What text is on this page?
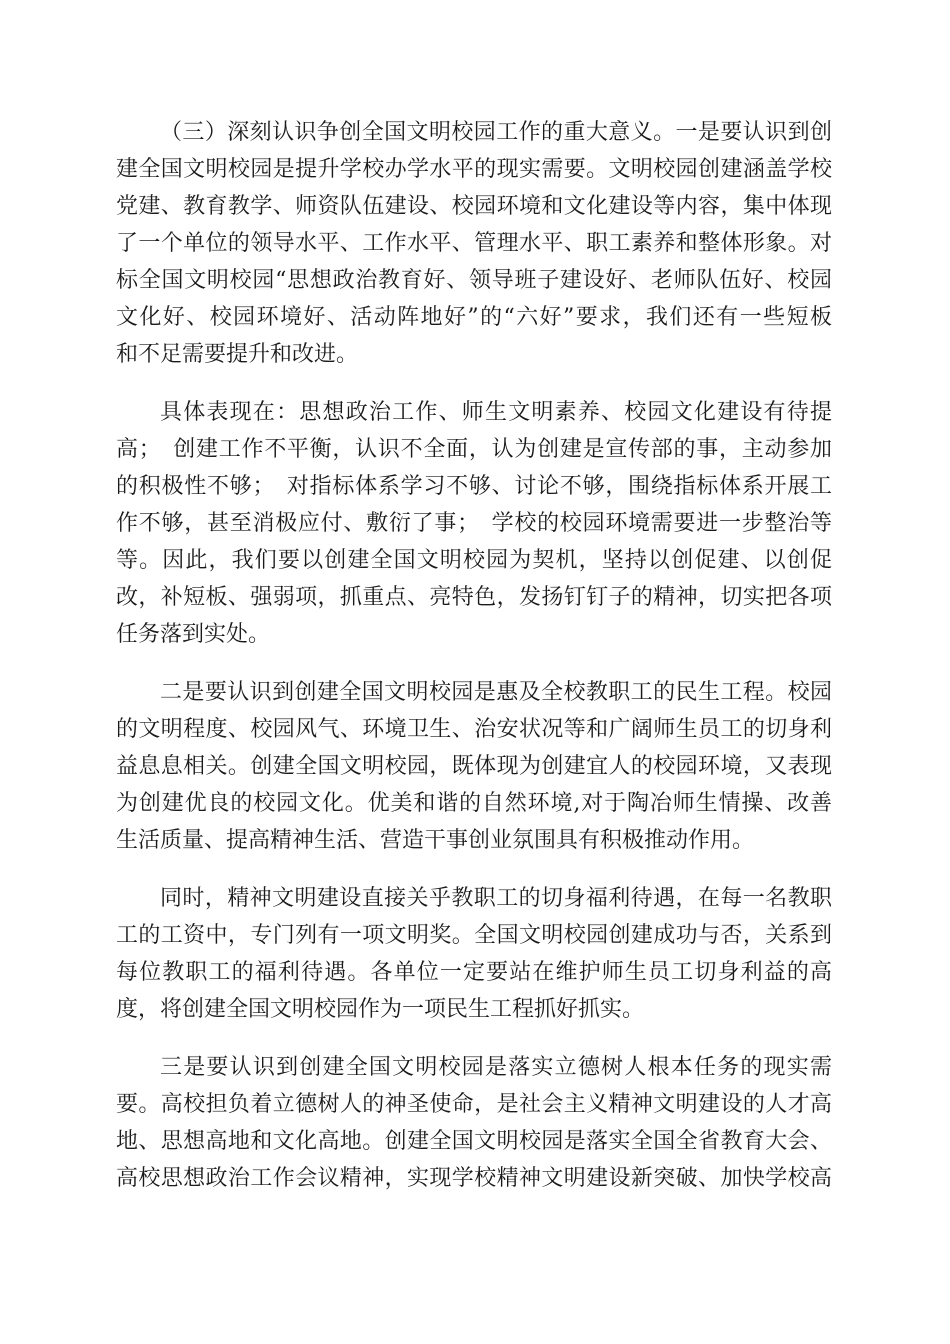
（三）深刻认识争创全国文明校园工作的重大意义。一是要认识到创
建全国文明校园是提升学校办学水平的现实需要。文明校园创建涵盖学校
党建、教育教学、师资队伍建设、校园环境和文化建设等内容，集中体现
了一个单位的领导水平、工作水平、管理水平、职工素养和整体形象。对
标全国文明校园“思想政治教育好、领导班子建设好、老师队伍好、校园
文化好、校园环境好、活动阵地好”的“六好”要求，我们还有一些短板
和不足需要提升和改进。
具体表现在：思想政治工作、师生文明素养、校园文化建设有待提
高；　创建工作不平衡，认识不全面，认为创建是宣传部的事，主动参加
的积极性不够；　对指标体系学习不够、讨论不够，围绕指标体系开展工
作不够，甚至消极应付、敷衍了事；　学校的校园环境需要进一步整治等
等。因此，我们要以创建全国文明校园为契机，坚持以创促建、以创促
改，补短板、强弱项，抓重点、亮特色，发扬钉钉子的精神，切实把各项
任务落到实处。
二是要认识到创建全国文明校园是惠及全校教职工的民生工程。校园
的文明程度、校园风气、环境卫生、治安状况等和广阔师生员工的切身利
益息息相关。创建全国文明校园，既体现为创建宜人的校园环境，又表现
为创建优良的校园文化。优美和谐的自然环境,对于陶冶师生情操、改善
生活质量、提高精神生活、营造干事创业氛围具有积极推动作用。
同时，精神文明建设直接关乎教职工的切身福利待遇，在每一名教职
工的工资中，专门列有一项文明奖。全国文明校园创建成功与否，关系到
每位教职工的福利待遇。各单位一定要站在维护师生员工切身利益的高
度，将创建全国文明校园作为一项民生工程抓好抓实。
三是要认识到创建全国文明校园是落实立德树人根本任务的现实需
要。高校担负着立德树人的神圣使命，是社会主义精神文明建设的人才高
地、思想高地和文化高地。创建全国文明校园是落实全国全省教育大会、
高校思想政治工作会议精神，实现学校精神文明建设新突破、加快学校高
